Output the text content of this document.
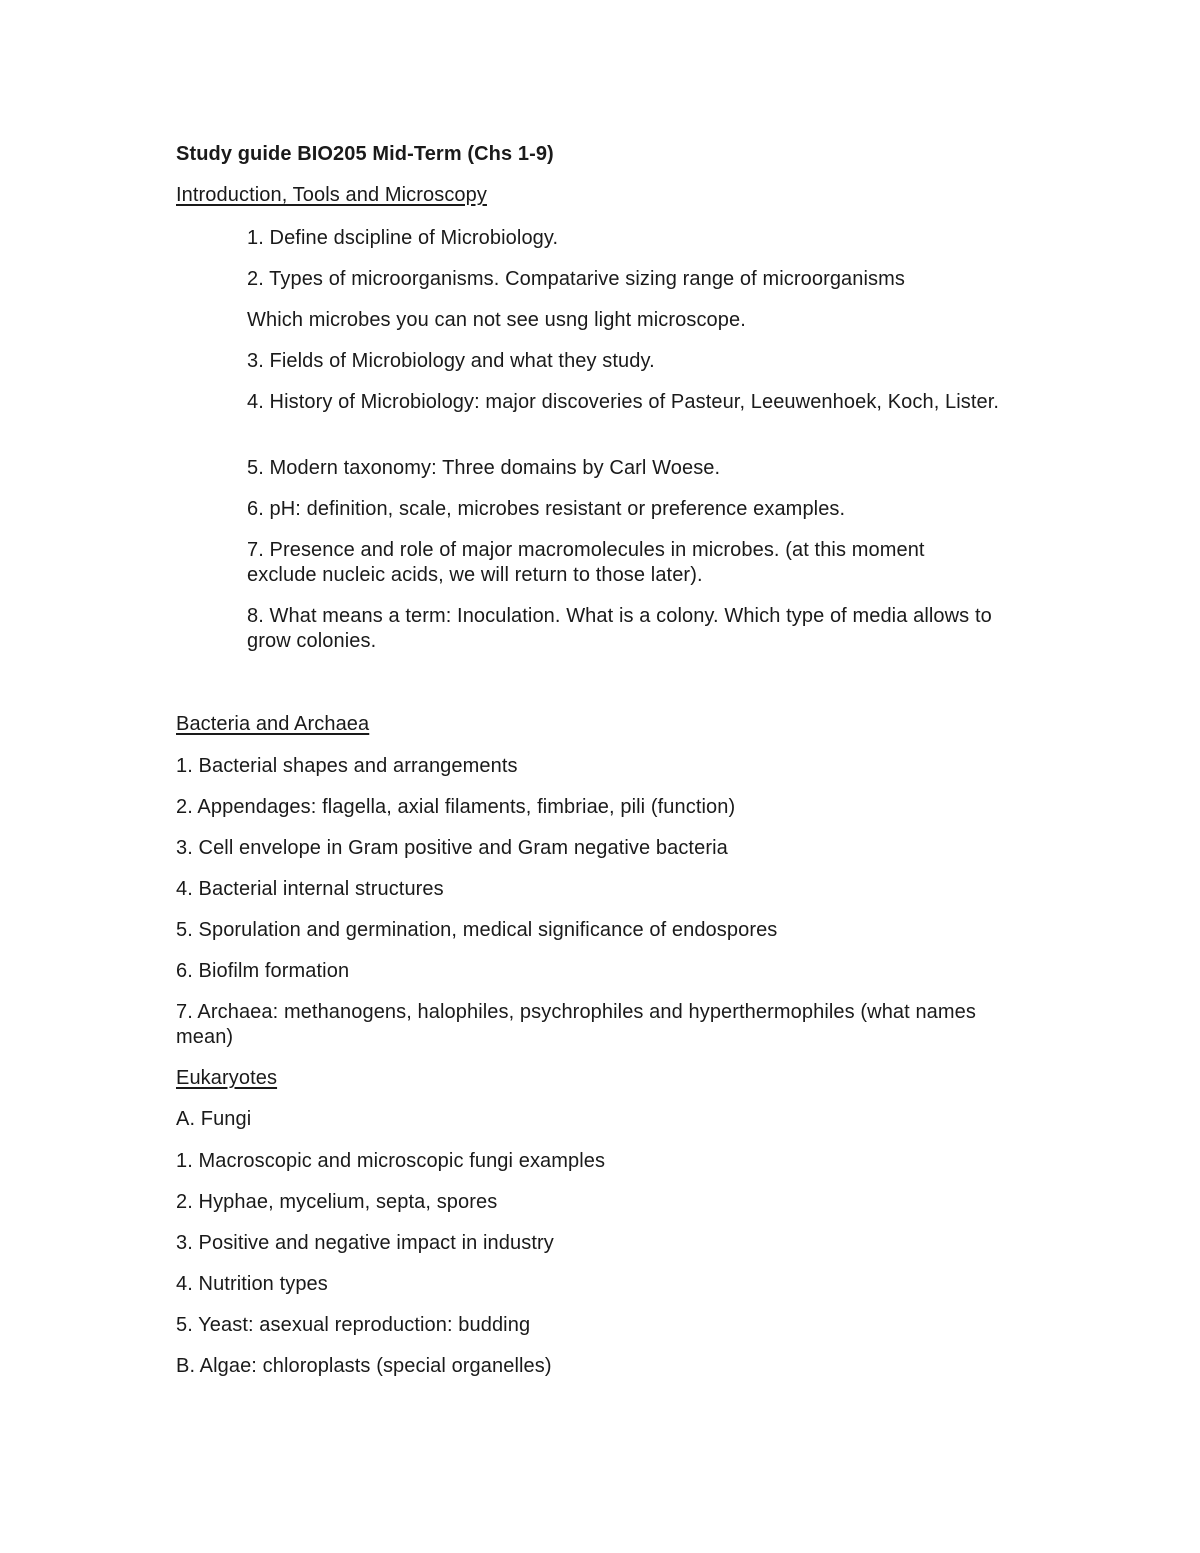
Study guide BIO205 Mid-Term (Chs 1-9)
Introduction, Tools and Microscopy
1. Define dscipline of Microbiology.
2. Types of microorganisms. Compatarive sizing range of microorganisms
Which microbes you can not see usng light microscope.
3. Fields of Microbiology and what they study.
4. History of Microbiology: major discoveries of Pasteur, Leeuwenhoek, Koch, Lister.
5. Modern taxonomy: Three domains by Carl Woese.
6. pH: definition, scale, microbes resistant or preference examples.
7. Presence and role of major macromolecules in microbes. (at this moment exclude nucleic acids, we will return to those later).
8. What means a term: Inoculation. What is a colony. Which type of media allows to grow colonies.
Bacteria and Archaea
1. Bacterial shapes and arrangements
2. Appendages: flagella, axial filaments, fimbriae, pili (function)
3. Cell envelope in Gram positive and Gram negative bacteria
4. Bacterial internal structures
5. Sporulation and germination, medical significance of endospores
6. Biofilm formation
7. Archaea: methanogens, halophiles, psychrophiles and hyperthermophiles (what names mean)
Eukaryotes
A. Fungi
1. Macroscopic and microscopic fungi examples
2. Hyphae, mycelium, septa, spores
3. Positive and negative impact in industry
4. Nutrition types
5. Yeast: asexual reproduction: budding
B. Algae: chloroplasts (special organelles)
